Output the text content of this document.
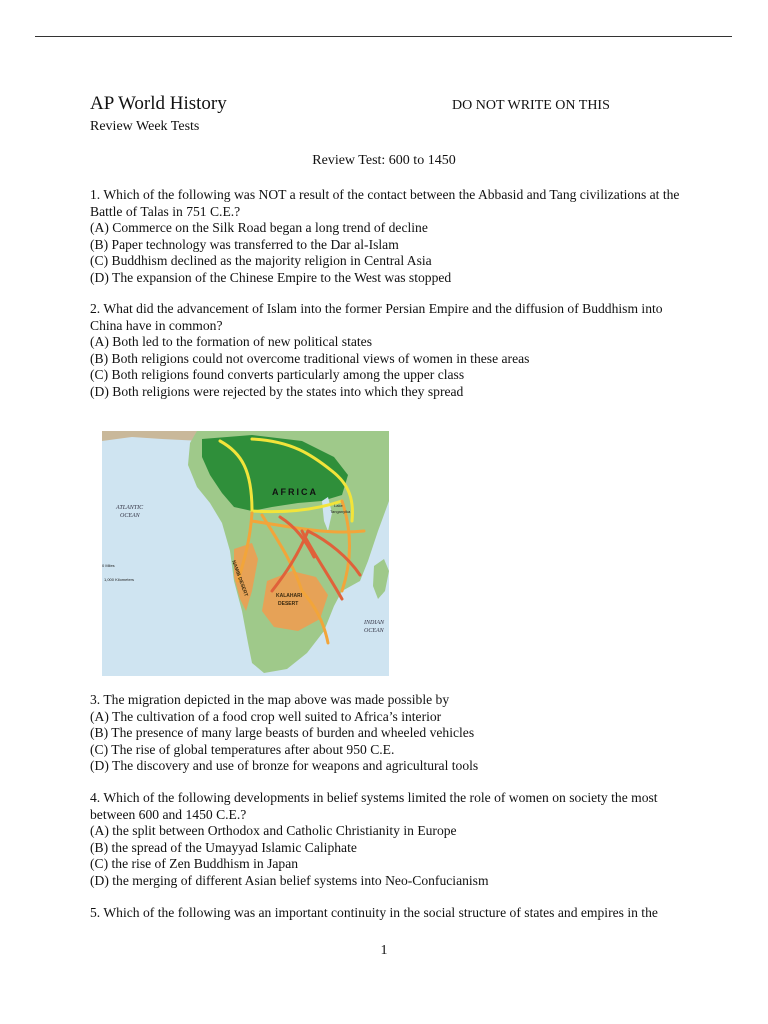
AP World History	DO NOT WRITE ON THIS
Review Week Tests
Review Test: 600 to 1450

1. Which of the following was NOT a result of the contact between the Abbasid and Tang civilizations at the Battle of Talas in 751 C.E.?

(A) Commerce on the Silk Road began a long trend of decline
(B) Paper technology was transferred to the Dar al-Islam
(C) Buddhism declined as the majority religion in Central Asia
(D) The expansion of the Chinese Empire to the West was stopped

2. What did the advancement of Islam into the former Persian Empire and the diffusion of Buddhism into China have in common?

(A) Both led to the formation of new political states
(B) Both religions could not overcome traditional views of women in these areas
(C) Both religions found converts particularly among the upper class
(D) Both religions were rejected by the states into which they spread
AFRICA
ATLANTIC
OCEAN
Lake
Tanganyika
0 Miles
1,000 Kilometers	NAMIB DESERT	KALAHARI
DESERT
INDIAN
OCEAN

3. The migration depicted in the map above was made possible by

(A) The cultivation of a food crop well suited to Africa’s interior
(B) The presence of many large beasts of burden and wheeled vehicles
(C) The rise of global temperatures after about 950 C.E.
(D) The discovery and use of bronze for weapons and agricultural tools

4. Which of the following developments in belief systems limited the role of women on society the most between 600 and 1450 C.E.?

(A) the split between Orthodox and Catholic Christianity in Europe
(B) the spread of the Umayyad Islamic Caliphate
(C) the rise of Zen Buddhism in Japan
(D) the merging of different Asian belief systems into Neo-Confucianism

5. Which of the following was an important continuity in the social structure of states and empires in the

1
